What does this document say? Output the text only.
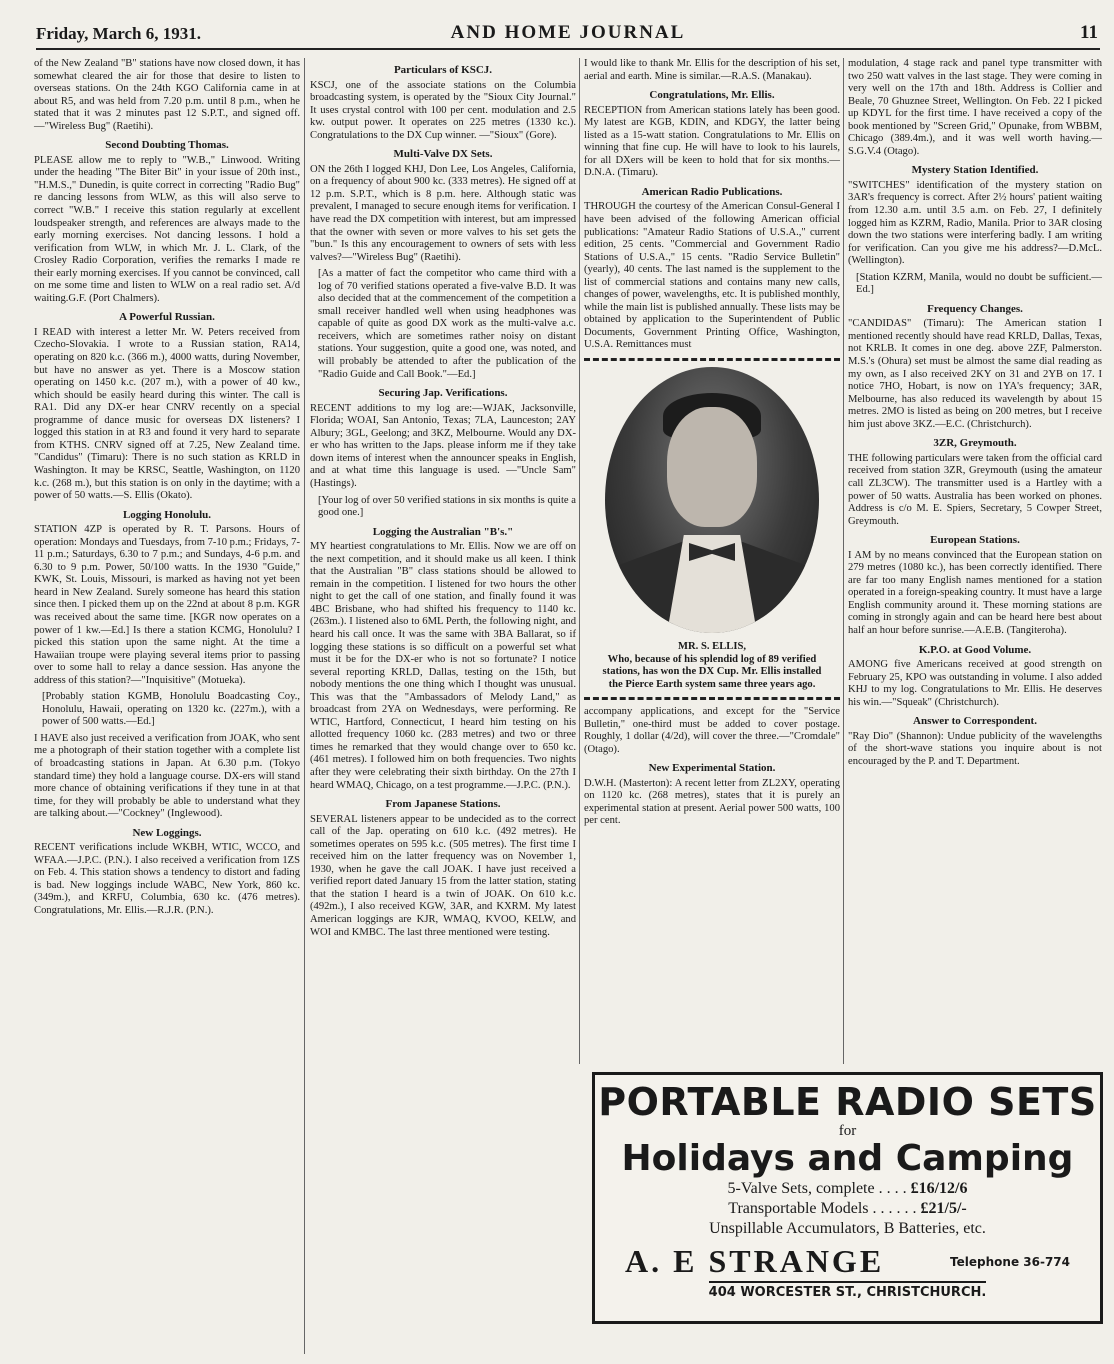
Friday, March 6, 1931.	AND HOME JOURNAL	11

of the New Zealand "B" stations have now closed down, it has somewhat cleared the air for those that desire to listen to overseas stations. On the 24th KGO California came in at about R5, and was held from 7.20 p.m. until 8 p.m., when he stated that it was 2 minutes past 12 S.P.T., and signed off.—"Wireless Bug" (Raetihi).

Second Doubting Thomas.

PLEASE allow me to reply to "W.B.," Linwood. Writing under the heading "The Biter Bit" in your issue of 20th inst., "H.M.S.," Dunedin, is quite correct in correcting "Radio Bug" re dancing lessons from WLW, as this will also serve to correct "W.B." I receive this station regularly at excellent loudspeaker strength, and references are always made to the early morning exercises. Not dancing lessons. I hold a verification from WLW, in which Mr. J. L. Clark, of the Crosley Radio Corporation, verifies the remarks I made re their early morning exercises. If you cannot be convinced, call on me some time and listen to WLW on a real radio set. A/d waiting.G.F. (Port Chalmers).

A Powerful Russian.

I READ with interest a letter Mr. W. Peters received from Czecho-Slovakia. I wrote to a Russian station, RA14, operating on 820 k.c. (366 m.), 4000 watts, during November, but have no answer as yet. There is a Moscow station operating on 1450 k.c. (207 m.), with a power of 40 kw., which should be easily heard during this winter. The call is RA1. Did any DX-er hear CNRV recently on a special programme of dance music for overseas DX listeners? I logged this station in at R3 and found it very hard to separate from KTHS. CNRV signed off at 7.25, New Zealand time. "Candidus" (Timaru): There is no such station as KRLD in Washington. It may be KRSC, Seattle, Washington, on 1120 k.c. (268 m.), but this station is on only in the daytime; with a power of 50 watts.—S. Ellis (Okato).

Logging Honolulu.

STATION 4ZP is operated by R. T. Parsons. Hours of operation: Mondays and Tuesdays, from 7-10 p.m.; Fridays, 7-11 p.m.; Saturdays, 6.30 to 7 p.m.; and Sundays, 4-6 p.m. and 6.30 to 9 p.m. Power, 50/100 watts. In the 1930 "Guide," KWK, St. Louis, Missouri, is marked as having not yet been heard in New Zealand. Surely someone has heard this station since then. I picked them up on the 22nd at about 8 p.m. KGR was received about the same time. [KGR now operates on a power of 1 kw.—Ed.] Is there a station KCMG, Honolulu? I picked this station upon the same night. At the time a Hawaiian troupe were playing several items prior to passing over to some hall to relay a dance session. Has anyone the address of this station?—"Inquisitive" (Motueka).

[Probably station KGMB, Honolulu Boadcasting Coy., Honolulu, Hawaii, operating on 1320 kc. (227m.), with a power of 500 watts.—Ed.]

I HAVE also just received a verification from JOAK, who sent me a photograph of their station together with a complete list of broadcasting stations in Japan. At 6.30 p.m. (Tokyo standard time) they hold a language course. DX-ers will stand more chance of obtaining verifications if they tune in at that time, for they will probably be able to understand what they are talking about.—"Cockney" (Inglewood).

New Loggings.

RECENT verifications include WKBH, WTIC, WCCO, and WFAA.—J.P.C. (P.N.). I also received a verification from 1ZS on Feb. 4. This station shows a tendency to distort and fading is bad. New loggings include WABC, New York, 860 kc. (349m.), and KRFU, Columbia, 630 kc. (476 metres). Congratulations, Mr. Ellis.—R.J.R. (P.N.).

Particulars of KSCJ.

KSCJ, one of the associate stations on the Columbia broadcasting system, is operated by the "Sioux City Journal." It uses crystal control with 100 per cent. modulation and 2.5 kw. output power. It operates on 225 metres (1330 kc.). Congratulations to the DX Cup winner. —"Sioux" (Gore).

Multi-Valve DX Sets.

ON the 26th I logged KHJ, Don Lee, Los Angeles, California, on a frequency of about 900 kc. (333 metres). He signed off at 12 p.m. S.P.T., which is 8 p.m. here. Although static was prevalent, I managed to secure enough items for verification. I have read the DX competition with interest, but am impressed that the owner with seven or more valves to his set gets the "bun." Is this any encouragement to owners of sets with less valves?—"Wireless Bug" (Raetihi).

[As a matter of fact the competitor who came third with a log of 70 verified stations operated a five-valve B.D. It was also decided that at the commencement of the competition a small receiver handled well when using headphones was capable of quite as good DX work as the multi-valve a.c. receivers, which are sometimes rather noisy on distant stations. Your suggestion, quite a good one, was noted, and will probably be attended to after the publication of the "Radio Guide and Call Book."—Ed.]

Securing Jap. Verifications.

RECENT additions to my log are:—WJAK, Jacksonville, Florida; WOAI, San Antonio, Texas; 7LA, Launceston; 2AY Albury; 3GL, Geelong; and 3KZ, Melbourne. Would any DX-er who has written to the Japs. please inform me if they take down items of interest when the announcer speaks in English, and at what time this language is used. —"Uncle Sam" (Hastings).

[Your log of over 50 verified stations in six months is quite a good one.]

Logging the Australian "B's."

MY heartiest congratulations to Mr. Ellis. Now we are off on the next competition, and it should make us all keen. I think that the Australian "B" class stations should be allowed to remain in the competition. I listened for two hours the other night to get the call of one station, and finally found it was 4BC Brisbane, who had shifted his frequency to 1140 kc. (263m.). I listened also to 6ML Perth, the following night, and heard his call once. It was the same with 3BA Ballarat, so if logging these stations is so difficult on a powerful set what must it be for the DX-er who is not so fortunate? I notice several reporting KRLD, Dallas, testing on the 15th, but nobody mentions the one thing which I thought was unusual. This was that the "Ambassadors of Melody Land," as broadcast from 2YA on Wednesdays, were performing. Re WTIC, Hartford, Connecticut, I heard him testing on his allotted frequency 1060 kc. (283 metres) and two or three times he remarked that they would change over to 650 kc. (461 metres). I followed him on both frequencies. Two nights after they were celebrating their sixth birthday. On the 27th I heard WMAQ, Chicago, on a test programme.—J.P.C. (P.N.).

From Japanese Stations.

SEVERAL listeners appear to be undecided as to the correct call of the Jap. operating on 610 k.c. (492 metres). He sometimes operates on 595 k.c. (505 metres). The first time I received him on the latter frequency was on November 1, 1930, when he gave the call JOAK. I have just received a verified report dated January 15 from the latter station, stating that the station I heard is a twin of JOAK. On 610 k.c. (492m.), I also received KGW, 3AR, and KXRM. My latest American loggings are KJR, WMAQ, KVOO, KELW, and WOI and KMBC. The last three mentioned were testing.

I would like to thank Mr. Ellis for the description of his set, aerial and earth. Mine is similar.—R.A.S. (Manakau).

Congratulations, Mr. Ellis.

RECEPTION from American stations lately has been good. My latest are KGB, KDIN, and KDGY, the latter being listed as a 15-watt station. Congratulations to Mr. Ellis on winning that fine cup. He will have to look to his laurels, for all DXers will be keen to hold that for six months.—D.N.A. (Timaru).

American Radio Publications.

THROUGH the courtesy of the American Consul-General I have been advised of the following American official publications: "Amateur Radio Stations of U.S.A.," current edition, 25 cents. "Commercial and Government Radio Stations of U.S.A.," 15 cents. "Radio Service Bulletin" (yearly), 40 cents. The last named is the supplement to the list of commercial stations and contains many new calls, changes of power, wavelengths, etc. It is published monthly, while the main list is published annually. These lists may be obtained by application to the Superintendent of Public Documents, Government Printing Office, Washington, U.S.A. Remittances must

MR. S. ELLIS,
Who, because of his splendid log of 89 verified stations, has won the DX Cup. Mr. Ellis installed the Pierce Earth system same three years ago.

accompany applications, and except for the "Service Bulletin," one-third must be added to cover postage. Roughly, 1 dollar (4/2d), will cover the three.—"Cromdale" (Otago).

New Experimental Station.

D.W.H. (Masterton): A recent letter from ZL2XY, operating on 1120 kc. (268 metres), states that it is purely an experimental station at present. Aerial power 500 watts, 100 per cent.

modulation, 4 stage rack and panel type transmitter with two 250 watt valves in the last stage. They were coming in very well on the 17th and 18th. Address is Collier and Beale, 70 Ghuznee Street, Wellington. On Feb. 22 I picked up KDYL for the first time. I have received a copy of the book mentioned by "Screen Grid," Opunake, from WBBM, Chicago (389.4m.), and it was well worth having.—S.G.V.4 (Otago).

Mystery Station Identified.

"SWITCHES" identification of the mystery station on 3AR's frequency is correct. After 2½ hours' patient waiting from 12.30 a.m. until 3.5 a.m. on Feb. 27, I definitely logged him as KZRM, Radio, Manila. Prior to 3AR closing down the two stations were interfering badly. I am writing for verification. Can you give me his address?—D.McL. (Wellington).

[Station KZRM, Manila, would no doubt be sufficient.—Ed.]

Frequency Changes.

"CANDIDAS" (Timaru): The American station I mentioned recently should have read KRLD, Dallas, Texas, not KRLB. It comes in one deg. above 2ZF, Palmerston. M.S.'s (Ohura) set must be almost the same dial reading as my own, as I also received 2KY on 31 and 2YB on 17. I notice 7HO, Hobart, is now on 1YA's frequency; 3AR, Melbourne, has also reduced its wavelength by about 15 metres. 2MO is listed as being on 200 metres, but I receive him just above 3KZ.—E.C. (Christchurch).

3ZR, Greymouth.

THE following particulars were taken from the official card received from station 3ZR, Greymouth (using the amateur call ZL3CW). The transmitter used is a Hartley with a power of 50 watts. Australia has been worked on phones. Address is c/o M. E. Spiers, Secretary, 5 Cowper Street, Greymouth.

European Stations.

I AM by no means convinced that the European station on 279 metres (1080 kc.), has been correctly identified. There are far too many English names mentioned for a station operated in a foreign-speaking country. It must have a large English community around it. These morning stations are coming in strongly again and can be heard here best about half an hour before sunrise.—A.E.B. (Tangiteroha).

K.P.O. at Good Volume.

AMONG five Americans received at good strength on February 25, KPO was outstanding in volume. I also added KHJ to my log. Congratulations to Mr. Ellis. He deserves his win.—"Squeak" (Christchurch).

Answer to Correspondent.

"Ray Dio" (Shannon): Undue publicity of the wavelengths of the short-wave stations you inquire about is not encouraged by the P. and T. Department.

PORTABLE RADIO SETS
for
Holidays and Camping
5-Valve Sets, complete . . . . £16/12/6
Transportable Models . . . . . . £21/5/-
Unspillable Accumulators, B Batteries, etc.
A. E STRANGE	Telephone 36-774
404 WORCESTER ST., CHRISTCHURCH.
